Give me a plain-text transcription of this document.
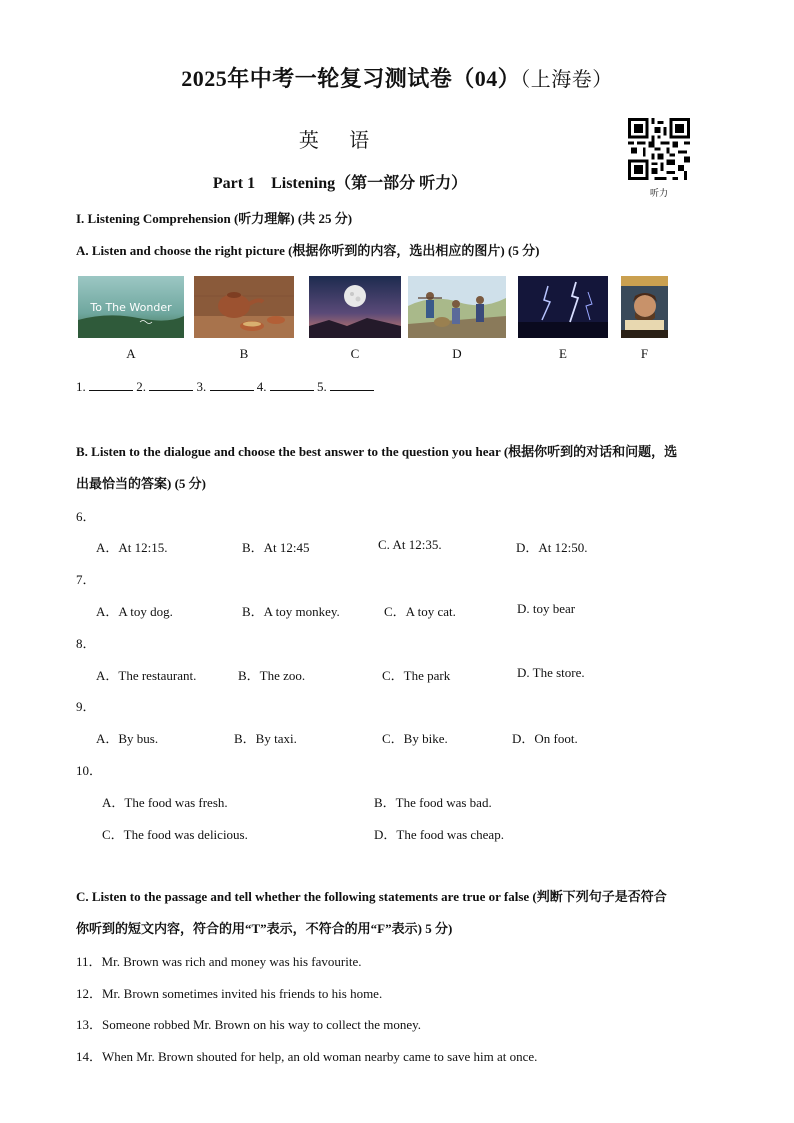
2025年中考一轮复习测试卷（04）（上海卷）
英 语
Part 1　Listening（第一部分 听力）
听力
I. Listening Comprehension (听力理解) (共 25 分)
A. Listen and choose the right picture (根据你听到的内容，选出相应的图片) (5 分)
To The Wonder
A	B	C	D	E	F
1.	2.	3.	4.	5.
B. Listen to the dialogue and choose the best answer to the question you hear (根据你听到的对话和问题，选
出最恰当的答案) (5 分)
6．
A．At 12:15.	B．At 12:45	C. At 12:35.	D．At 12:50.
7．
A．A toy dog.	B．A toy monkey.	C．A toy cat.	D. toy bear
8．
A．The restaurant.	B．The zoo.	C．The park	D. The store.
9．
A．By bus.	B．By taxi.	C．By bike.	D．On foot.
10．
A．The food was fresh.	B．The food was bad.
C．The food was delicious.	D．The food was cheap.
C. Listen to the passage and tell whether the following statements are true or false (判断下列句子是否符合
你听到的短文内容，符合的用“T”表示，不符合的用“F”表示) 5 分)
11．Mr. Brown was rich and money was his favourite.
12．Mr. Brown sometimes invited his friends to his home.
13．Someone robbed Mr. Brown on his way to collect the money.
14．When Mr. Brown shouted for help, an old woman nearby came to save him at once.
